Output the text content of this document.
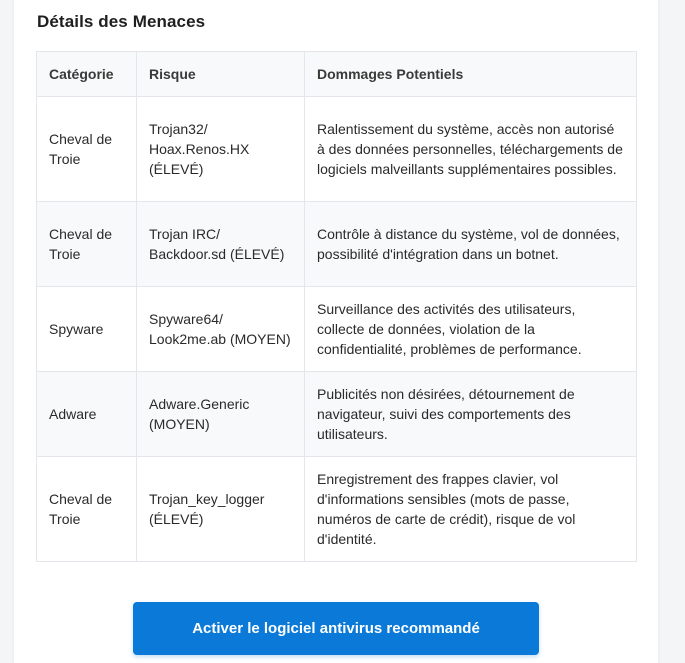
Détails des Menaces
Catégorie	Risque	Dommages Potentiels
Cheval de Troie	Trojan32/ Hoax.Renos.HX (ÉLEVÉ)	Ralentissement du système, accès non autorisé à des données personnelles, téléchargements de logiciels malveillants supplémentaires possibles.
Cheval de Troie	Trojan IRC/ Backdoor.sd (ÉLEVÉ)	Contrôle à distance du système, vol de données, possibilité d'intégration dans un botnet.
Spyware	Spyware64/ Look2me.ab (MOYEN)	Surveillance des activités des utilisateurs, collecte de données, violation de la confidentialité, problèmes de performance.
Adware	Adware.Generic (MOYEN)	Publicités non désirées, détournement de navigateur, suivi des comportements des utilisateurs.
Cheval de Troie	Trojan_key_logger (ÉLEVÉ)	Enregistrement des frappes clavier, vol d'informations sensibles (mots de passe, numéros de carte de crédit), risque de vol d'identité.
Activer le logiciel antivirus recommandé
